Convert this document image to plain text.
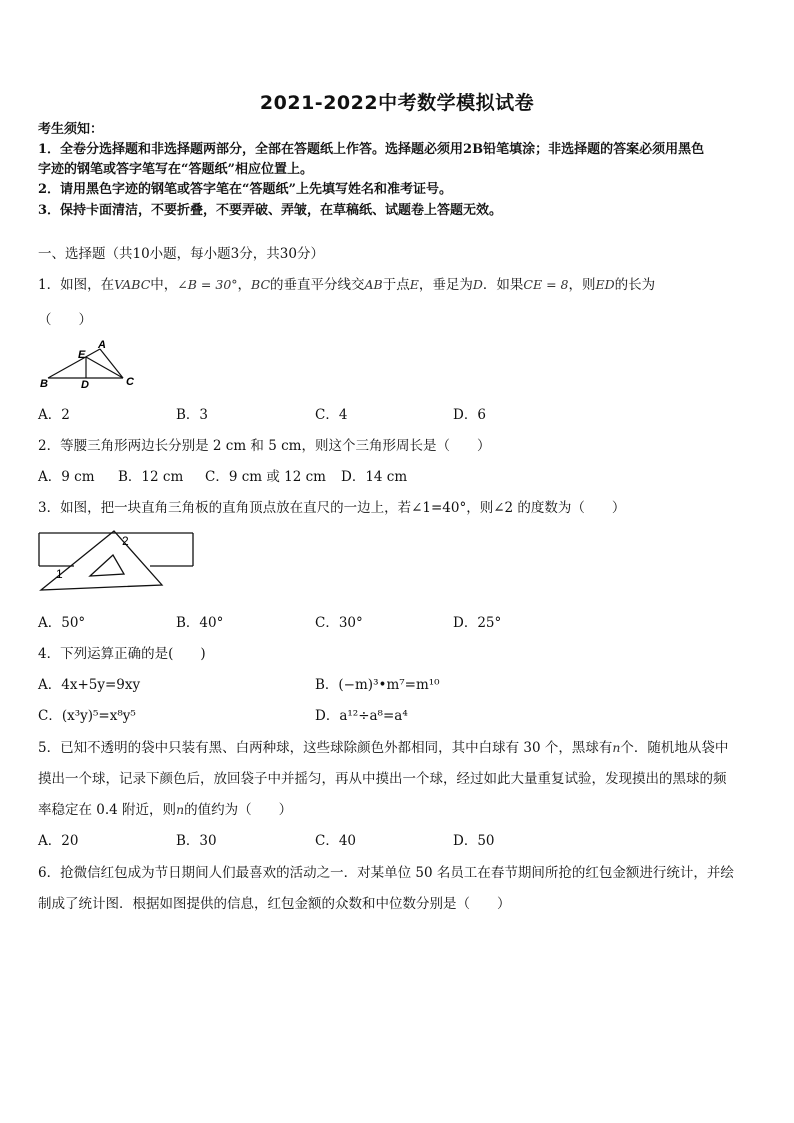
2021-2022中考数学模拟试卷
考生须知：
1．全卷分选择题和非选择题两部分，全部在答题纸上作答。选择题必须用2B铅笔填涂；非选择题的答案必须用黑色
字迹的钢笔或答字笔写在“答题纸”相应位置上。
2．请用黑色字迹的钢笔或答字笔在“答题纸”上先填写姓名和准考证号。
3．保持卡面清洁，不要折叠，不要弄破、弄皱，在草稿纸、试题卷上答题无效。
一、选择题（共10小题，每小题3分，共30分）
1．如图，在VABC中，∠B = 30°，BC的垂直平分线交AB于点E，垂足为D．如果CE = 8，则ED的长为
（　　）
A
E
B	D	C
A．2	B．3	C．4	D．6
2．等腰三角形两边长分别是 2 cm 和 5 cm，则这个三角形周长是（　　）
A．9 cm B．12 cm C．9 cm 或 12 cm D．14 cm
3．如图，把一块直角三角板的直角顶点放在直尺的一边上，若∠1=40°，则∠2 的度数为（　　）
1
2
A．50°	B．40°	C．30°	D．25°
4．下列运算正确的是(　　)
A．4x+5y=9xy	B．(−m)³•m⁷=m¹⁰
C．(x³y)⁵=x⁸y⁵	D．a¹²÷a⁸=a⁴
5．已知不透明的袋中只装有黑、白两种球，这些球除颜色外都相同，其中白球有 30 个，黑球有n个．随机地从袋中
摸出一个球，记录下颜色后，放回袋子中并摇匀，再从中摸出一个球，经过如此大量重复试验，发现摸出的黑球的频
率稳定在 0.4 附近，则n的值约为（　　）
A．20	B．30	C．40	D．50
6．抢微信红包成为节日期间人们最喜欢的活动之一．对某单位 50 名员工在春节期间所抢的红包金额进行统计，并绘
制成了统计图．根据如图提供的信息，红包金额的众数和中位数分别是（　　）
